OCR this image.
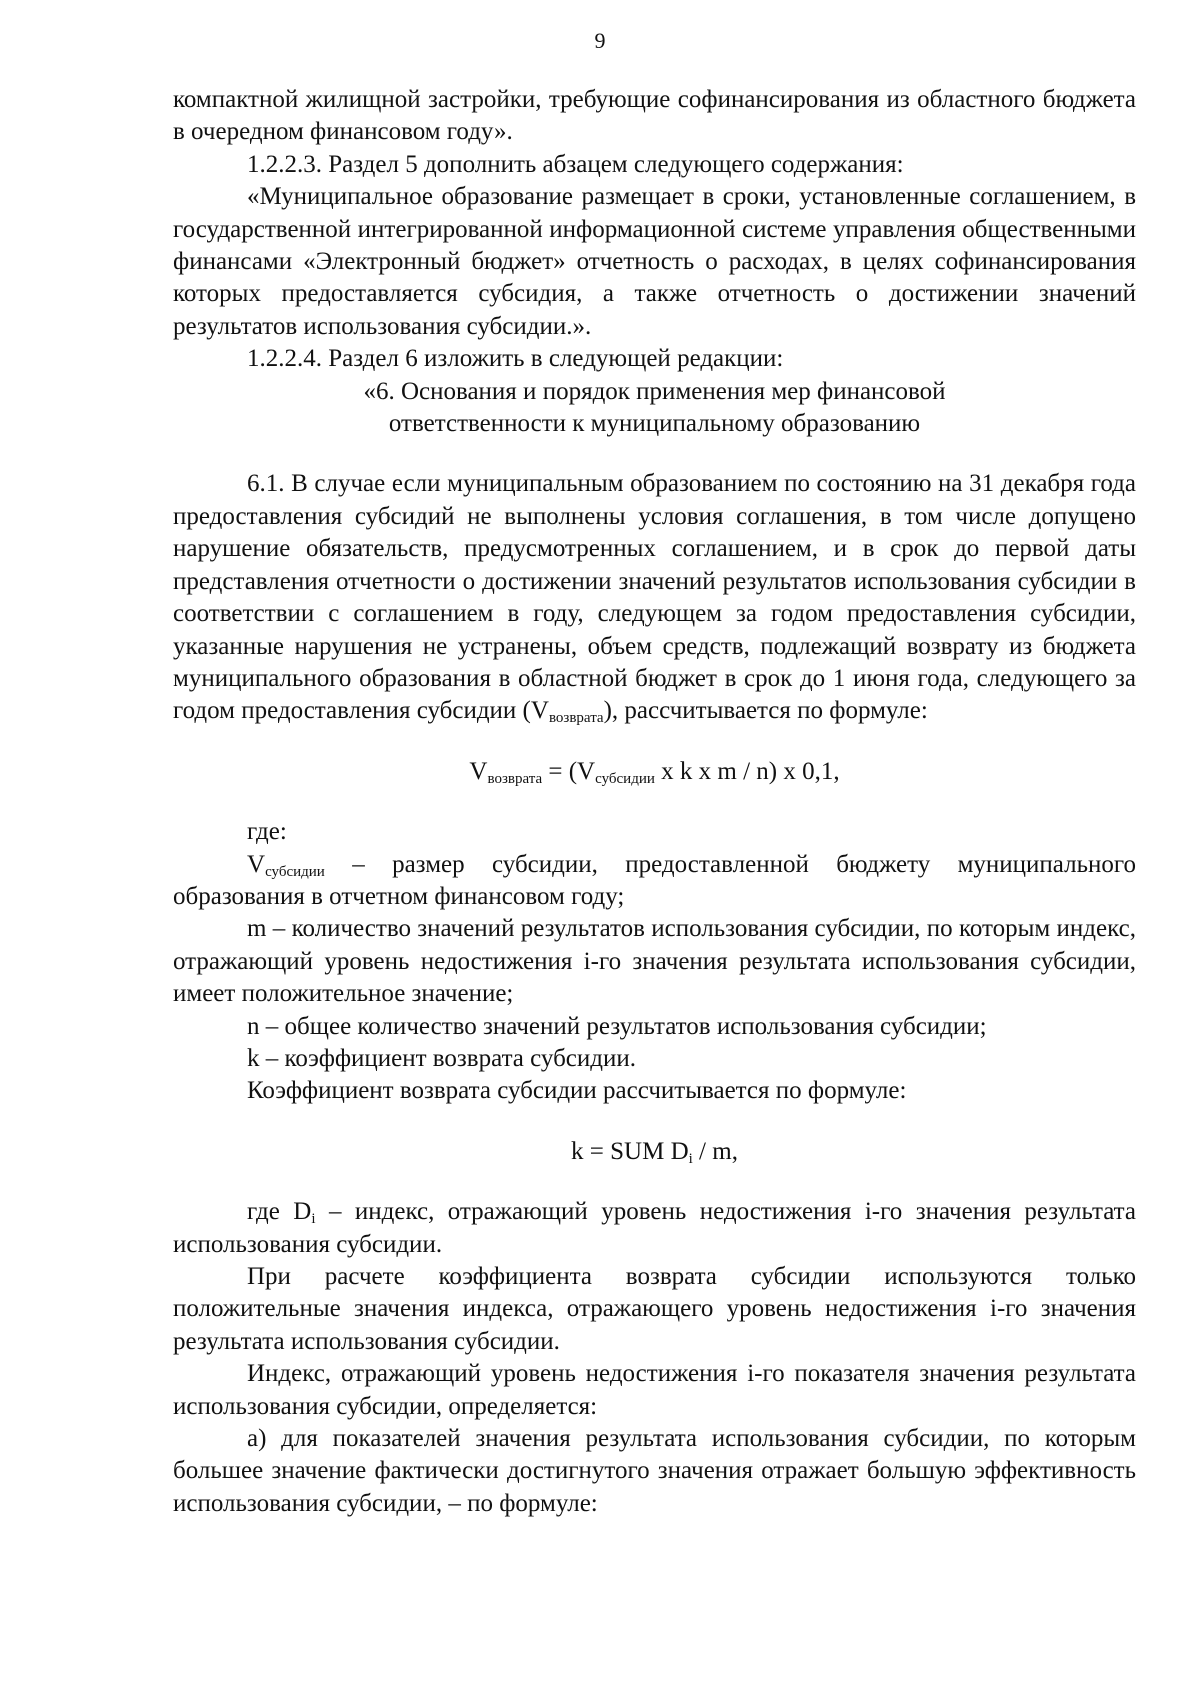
9

компактной жилищной застройки, требующие софинансирования из областного бюджета в очередном финансовом году».

1.2.2.3. Раздел 5 дополнить абзацем следующего содержания:

«Муниципальное образование размещает в сроки, установленные соглашением, в государственной интегрированной информационной системе управления общественными финансами «Электронный бюджет» отчетность о расходах, в целях софинансирования которых предоставляется субсидия, а также отчетность о достижении значений результатов использования субсидии.».

1.2.2.4. Раздел 6 изложить в следующей редакции:

«6. Основания и порядок применения мер финансовой

ответственности к муниципальному образованию

6.1. В случае если муниципальным образованием по состоянию на 31 декабря года предоставления субсидий не выполнены условия соглашения, в том числе допущено нарушение обязательств, предусмотренных соглашением, и в срок до первой даты представления отчетности о достижении значений результатов использования субсидии в соответствии с соглашением в году, следующем за годом предоставления субсидии, указанные нарушения не устранены, объем средств, подлежащий возврату из бюджета муниципального образования в областной бюджет в срок до 1 июня года, следующего за годом предоставления субсидии $(V_{возврата})$, рассчитывается по формуле:

$V_{возврата} = (V_{субсидии}$ x k x m / n) x 0,1,

где:

$V_{субсидии}$ – размер субсидии, предоставленной бюджету муниципального образования в отчетном финансовом году;

m – количество значений результатов использования субсидии, по которым индекс, отражающий уровень недостижения i-го значения результата использования субсидии, имеет положительное значение;

n – общее количество значений результатов использования субсидии;

k – коэффициент возврата субсидии.

Коэффициент возврата субсидии рассчитывается по формуле:

k = SUM $D_i$ / m,

где $D_i$ – индекс, отражающий уровень недостижения i-го значения результата использования субсидии.

При расчете коэффициента возврата субсидии используются только положительные значения индекса, отражающего уровень недостижения i-го значения результата использования субсидии.

Индекс, отражающий уровень недостижения i-го показателя значения результата использования субсидии, определяется:

а) для показателей значения результата использования субсидии, по которым большее значение фактически достигнутого значения отражает большую эффективность использования субсидии, – по формуле:
